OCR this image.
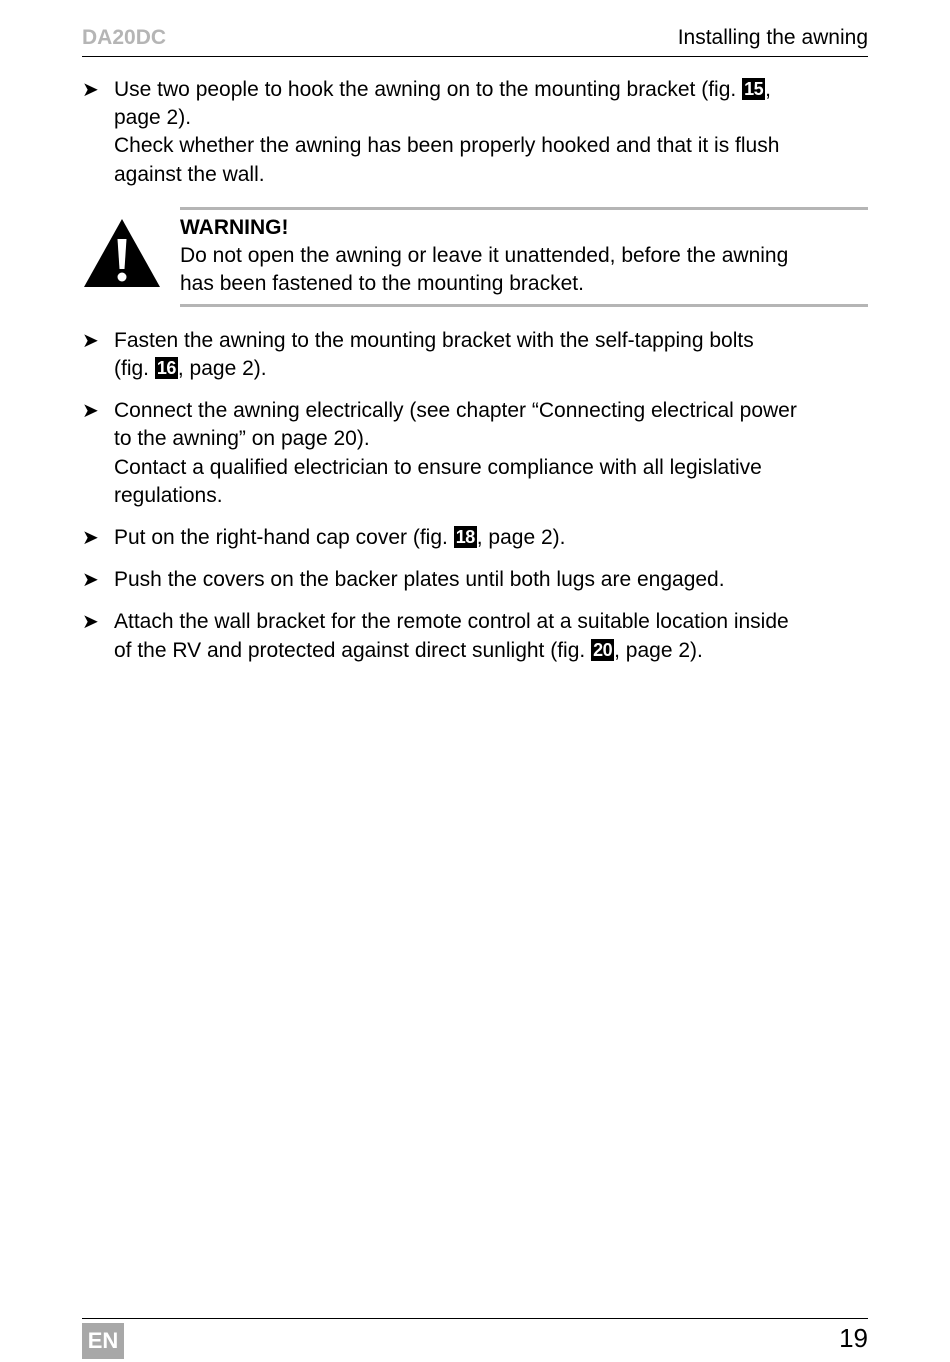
DA20DC	Installing the awning
➤ Use two people to hook the awning on to the mounting bracket (fig. 15,
page 2).
Check whether the awning has been properly hooked and that it is flush
against the wall.
WARNING!
Do not open the awning or leave it unattended, before the awning
has been fastened to the mounting bracket.
➤ Fasten the awning to the mounting bracket with the self-tapping bolts
(fig. 16, page 2).
➤ Connect the awning electrically (see chapter “Connecting electrical power
to the awning” on page 20).
Contact a qualified electrician to ensure compliance with all legislative
regulations.
➤ Put on the right-hand cap cover (fig. 18, page 2).
➤ Push the covers on the backer plates until both lugs are engaged.
➤ Attach the wall bracket for the remote control at a suitable location inside
of the RV and protected against direct sunlight (fig. 20, page 2).
EN	19
